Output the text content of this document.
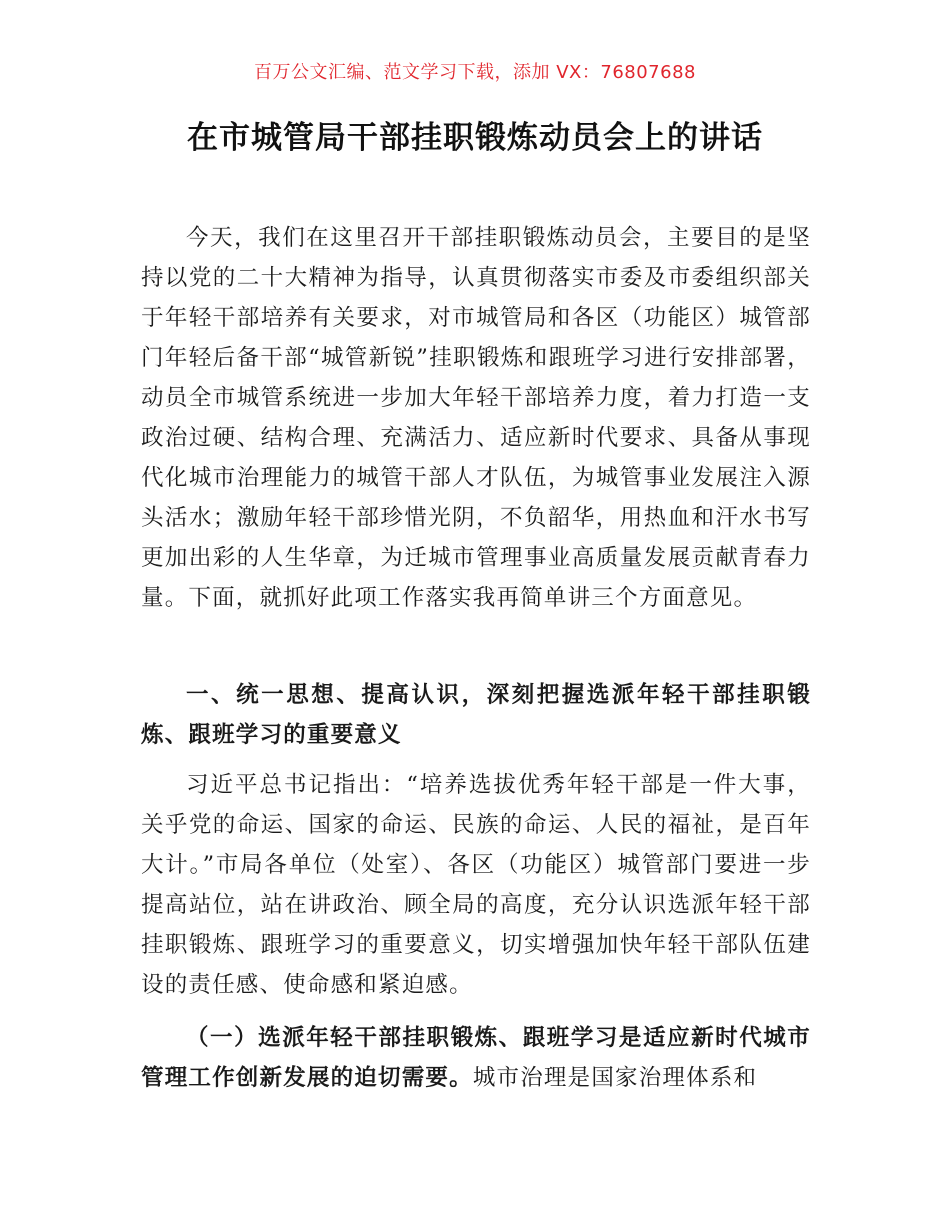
百万公文汇编、范文学习下载，添加 VX：76807688
在市城管局干部挂职锻炼动员会上的讲话

今天，我们在这里召开干部挂职锻炼动员会，主要目的是坚持以党的二十大精神为指导，认真贯彻落实市委及市委组织部关于年轻干部培养有关要求，对市城管局和各区（功能区）城管部门年轻后备干部“城管新锐”挂职锻炼和跟班学习进行安排部署，动员全市城管系统进一步加大年轻干部培养力度，着力打造一支政治过硬、结构合理、充满活力、适应新时代要求、具备从事现代化城市治理能力的城管干部人才队伍，为城管事业发展注入源头活水；激励年轻干部珍惜光阴，不负韶华，用热血和汗水书写更加出彩的人生华章，为迁城市管理事业高质量发展贡献青春力量。下面，就抓好此项工作落实我再简单讲三个方面意见。

一、统一思想、提高认识，深刻把握选派年轻干部挂职锻炼、跟班学习的重要意义

习近平总书记指出：“培养选拔优秀年轻干部是一件大事，关乎党的命运、国家的命运、民族的命运、人民的福祉，是百年大计。”市局各单位（处室）、各区（功能区）城管部门要进一步提高站位，站在讲政治、顾全局的高度，充分认识选派年轻干部挂职锻炼、跟班学习的重要意义，切实增强加快年轻干部队伍建设的责任感、使命感和紧迫感。

（一）选派年轻干部挂职锻炼、跟班学习是适应新时代城市管理工作创新发展的迫切需要。城市治理是国家治理体系和
